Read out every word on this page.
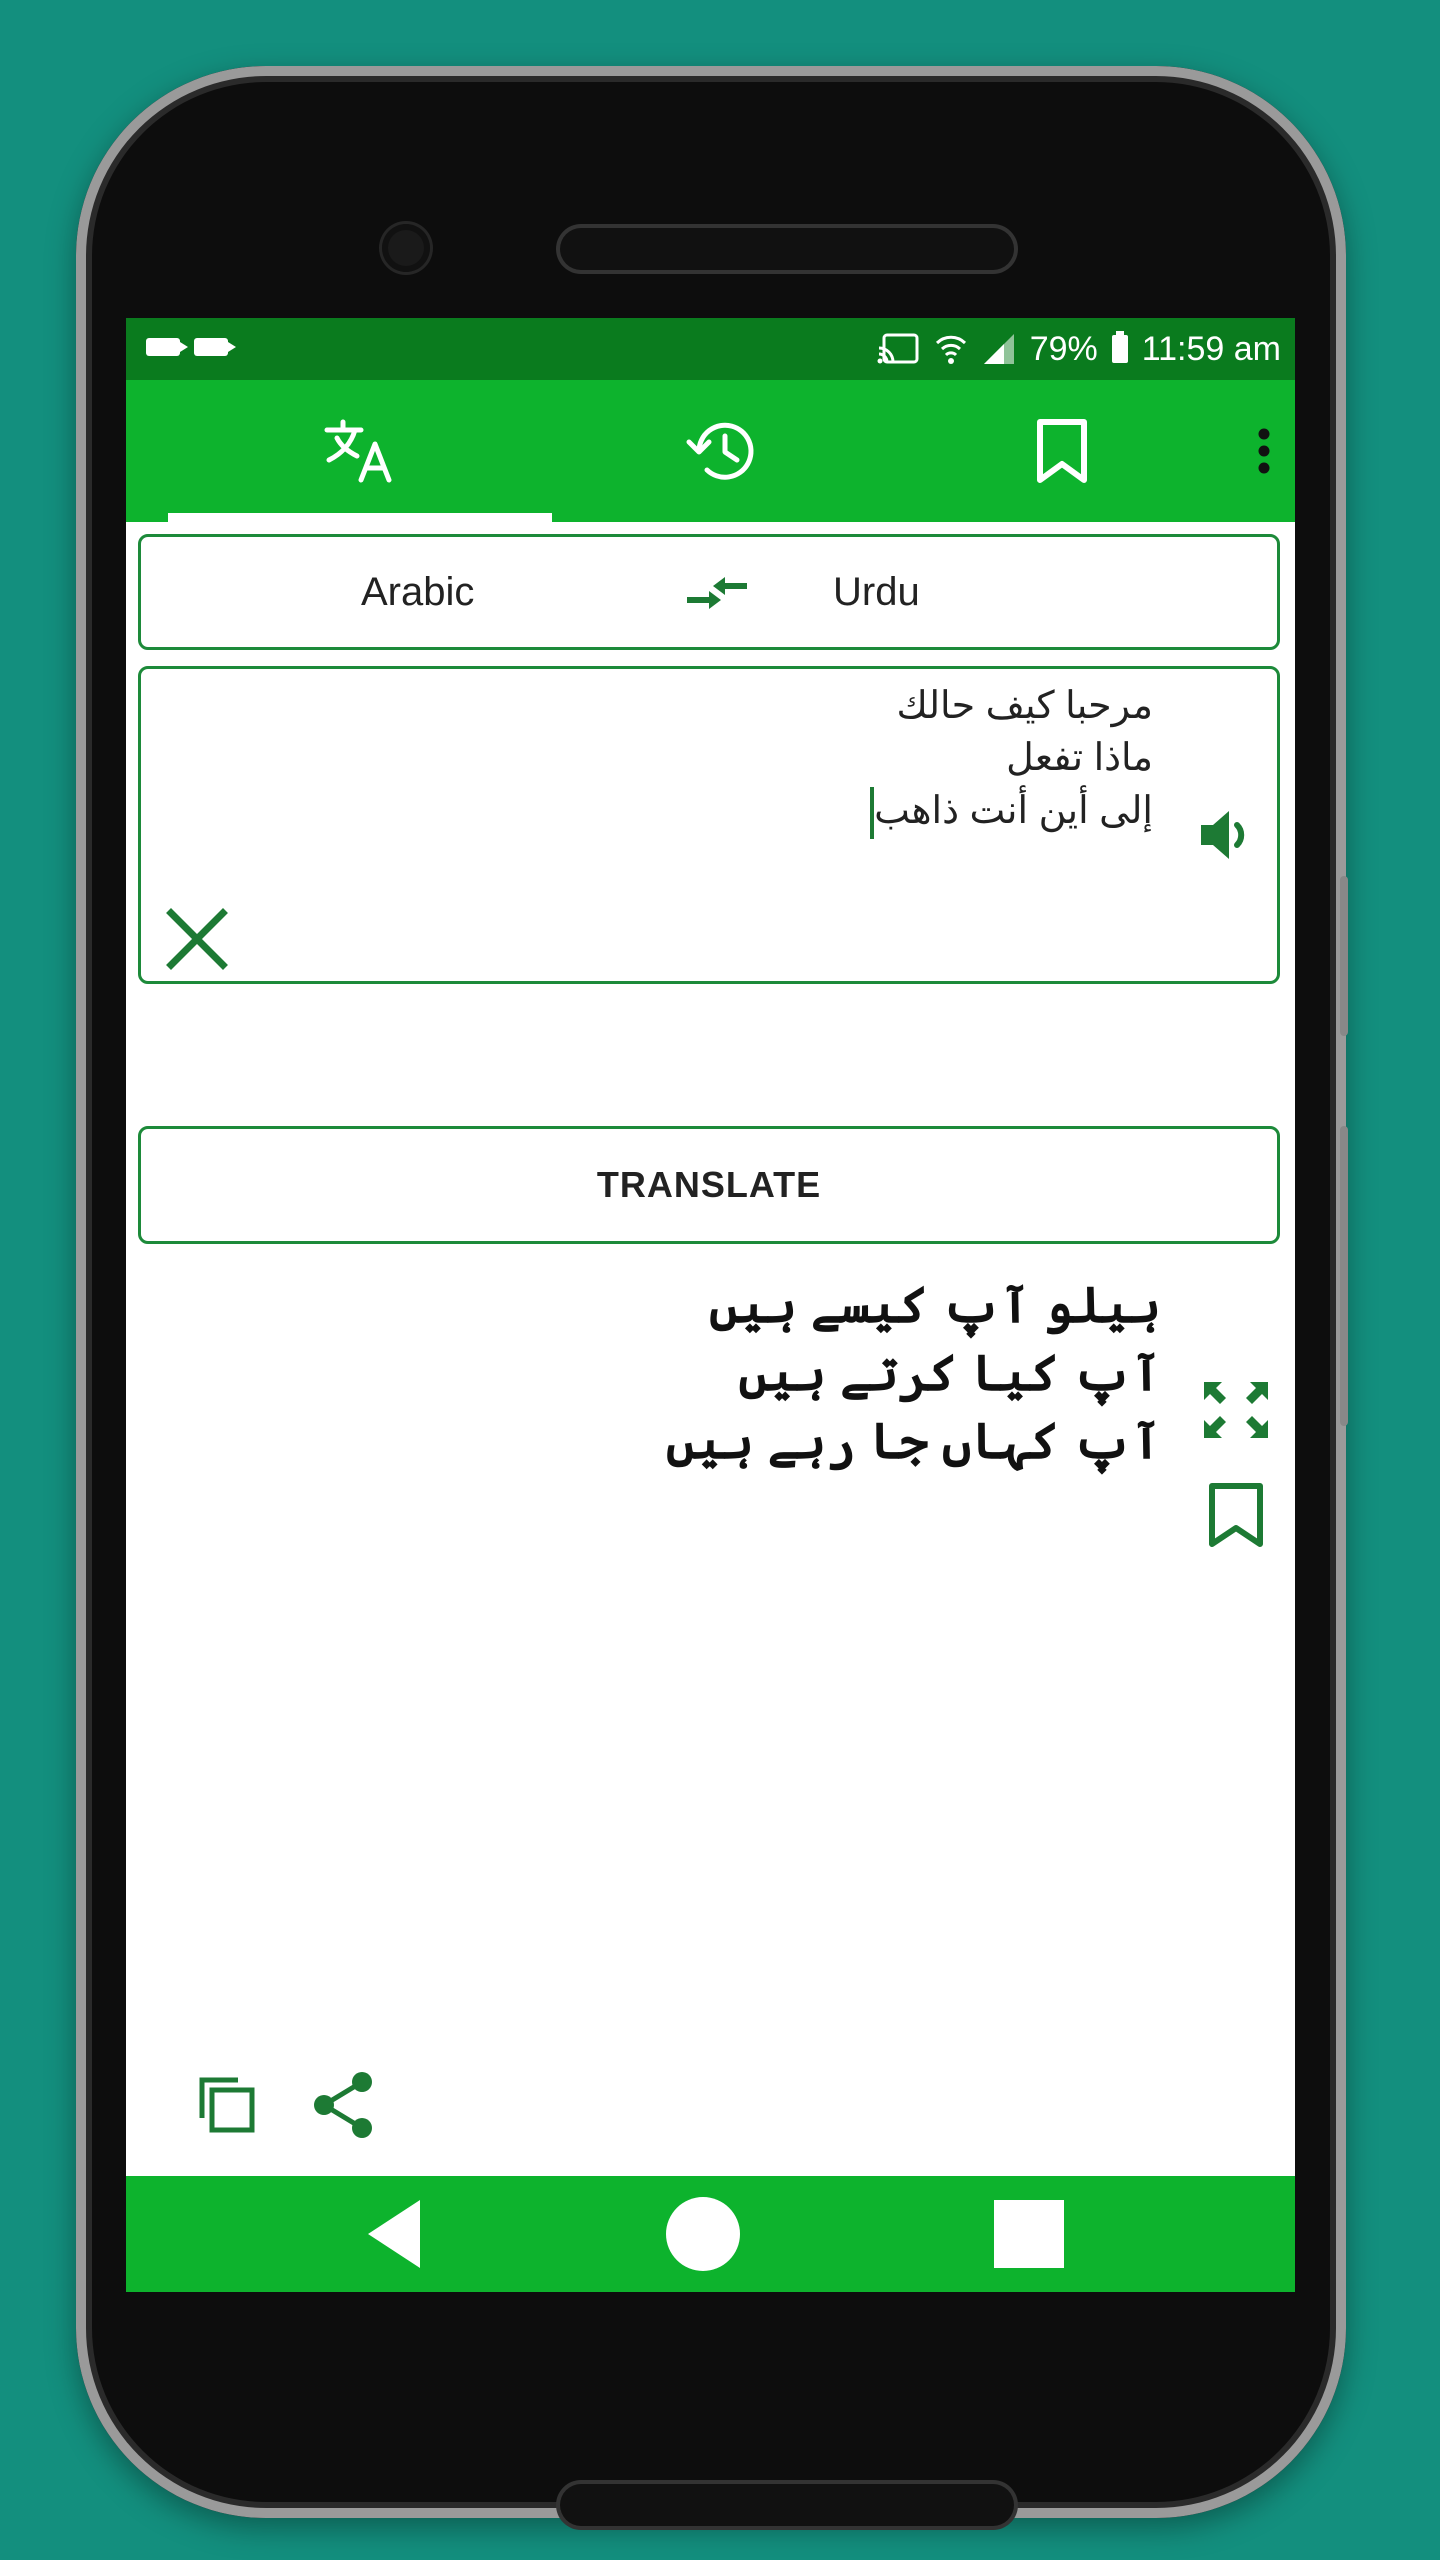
79% 11:59 am
Arabic	Urdu
مرحبا كيف حالك
ماذا تفعل
إلى أين أنت ذاهب
TRANSLATE
ہیلو آپ کیسے ہیں
آپ کیا کرتے ہیں
آپ کہاں جا رہے ہیں
